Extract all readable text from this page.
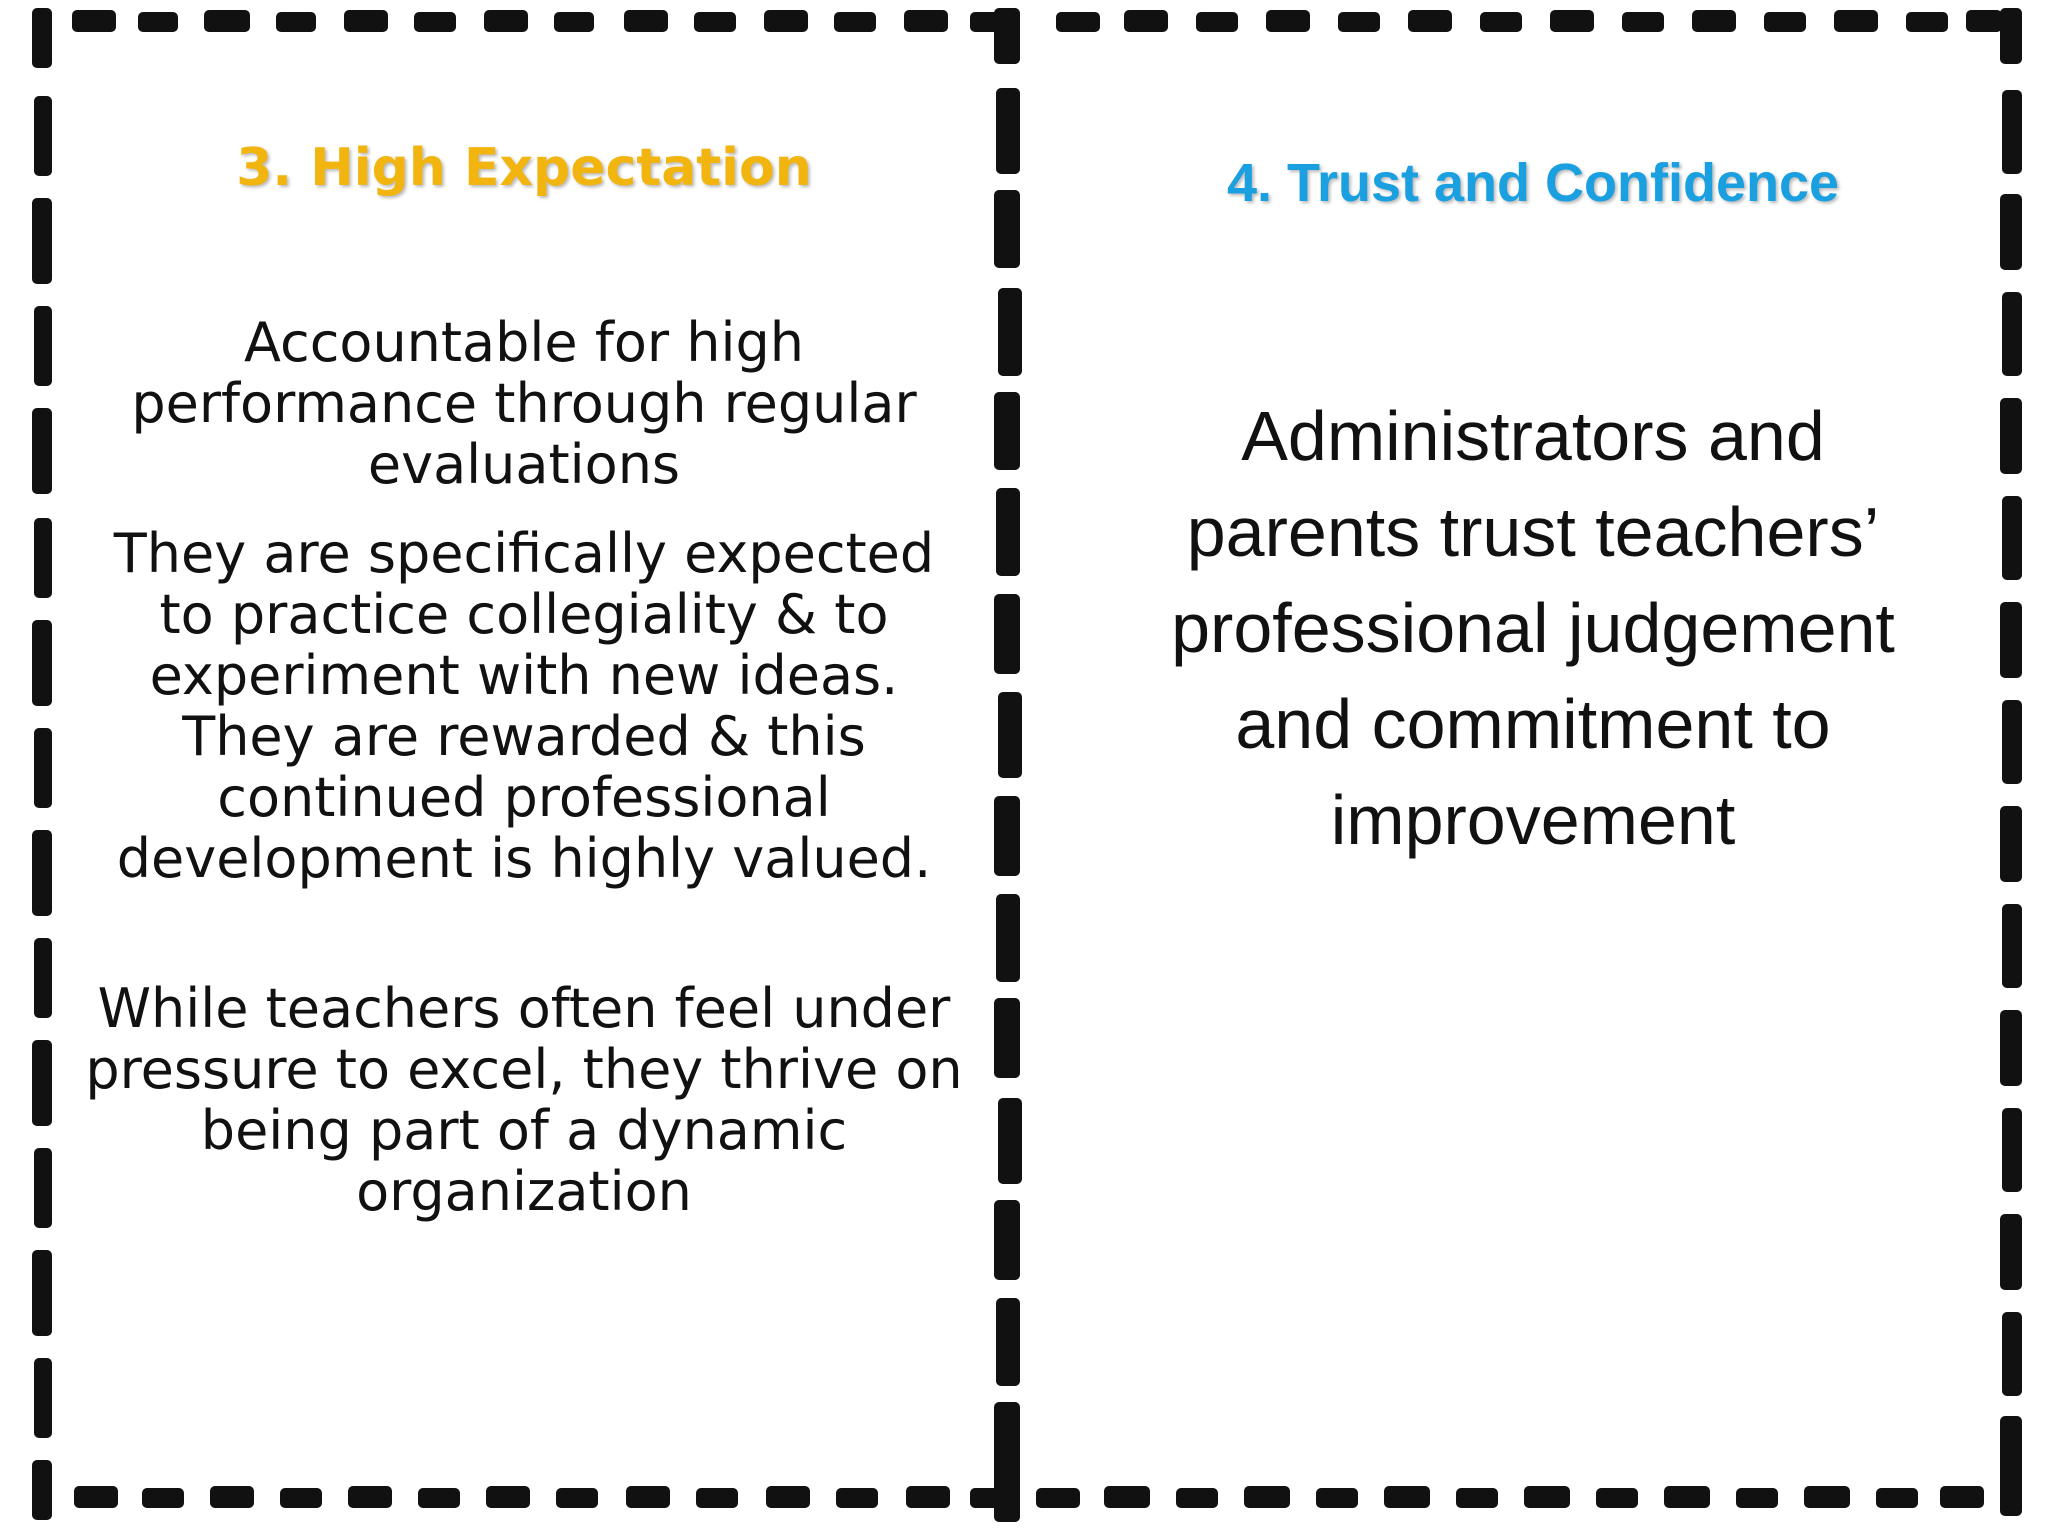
3. High Expectation
Accountable for high performance through regular evaluations
They are specifically expected to practice collegiality & to experiment with new ideas. They are rewarded & this continued professional development is highly valued.
While teachers often feel under pressure to excel, they thrive on being part of a dynamic organization
4. Trust and Confidence
Administrators and parents trust teachers’ professional judgement and commitment to improvement
